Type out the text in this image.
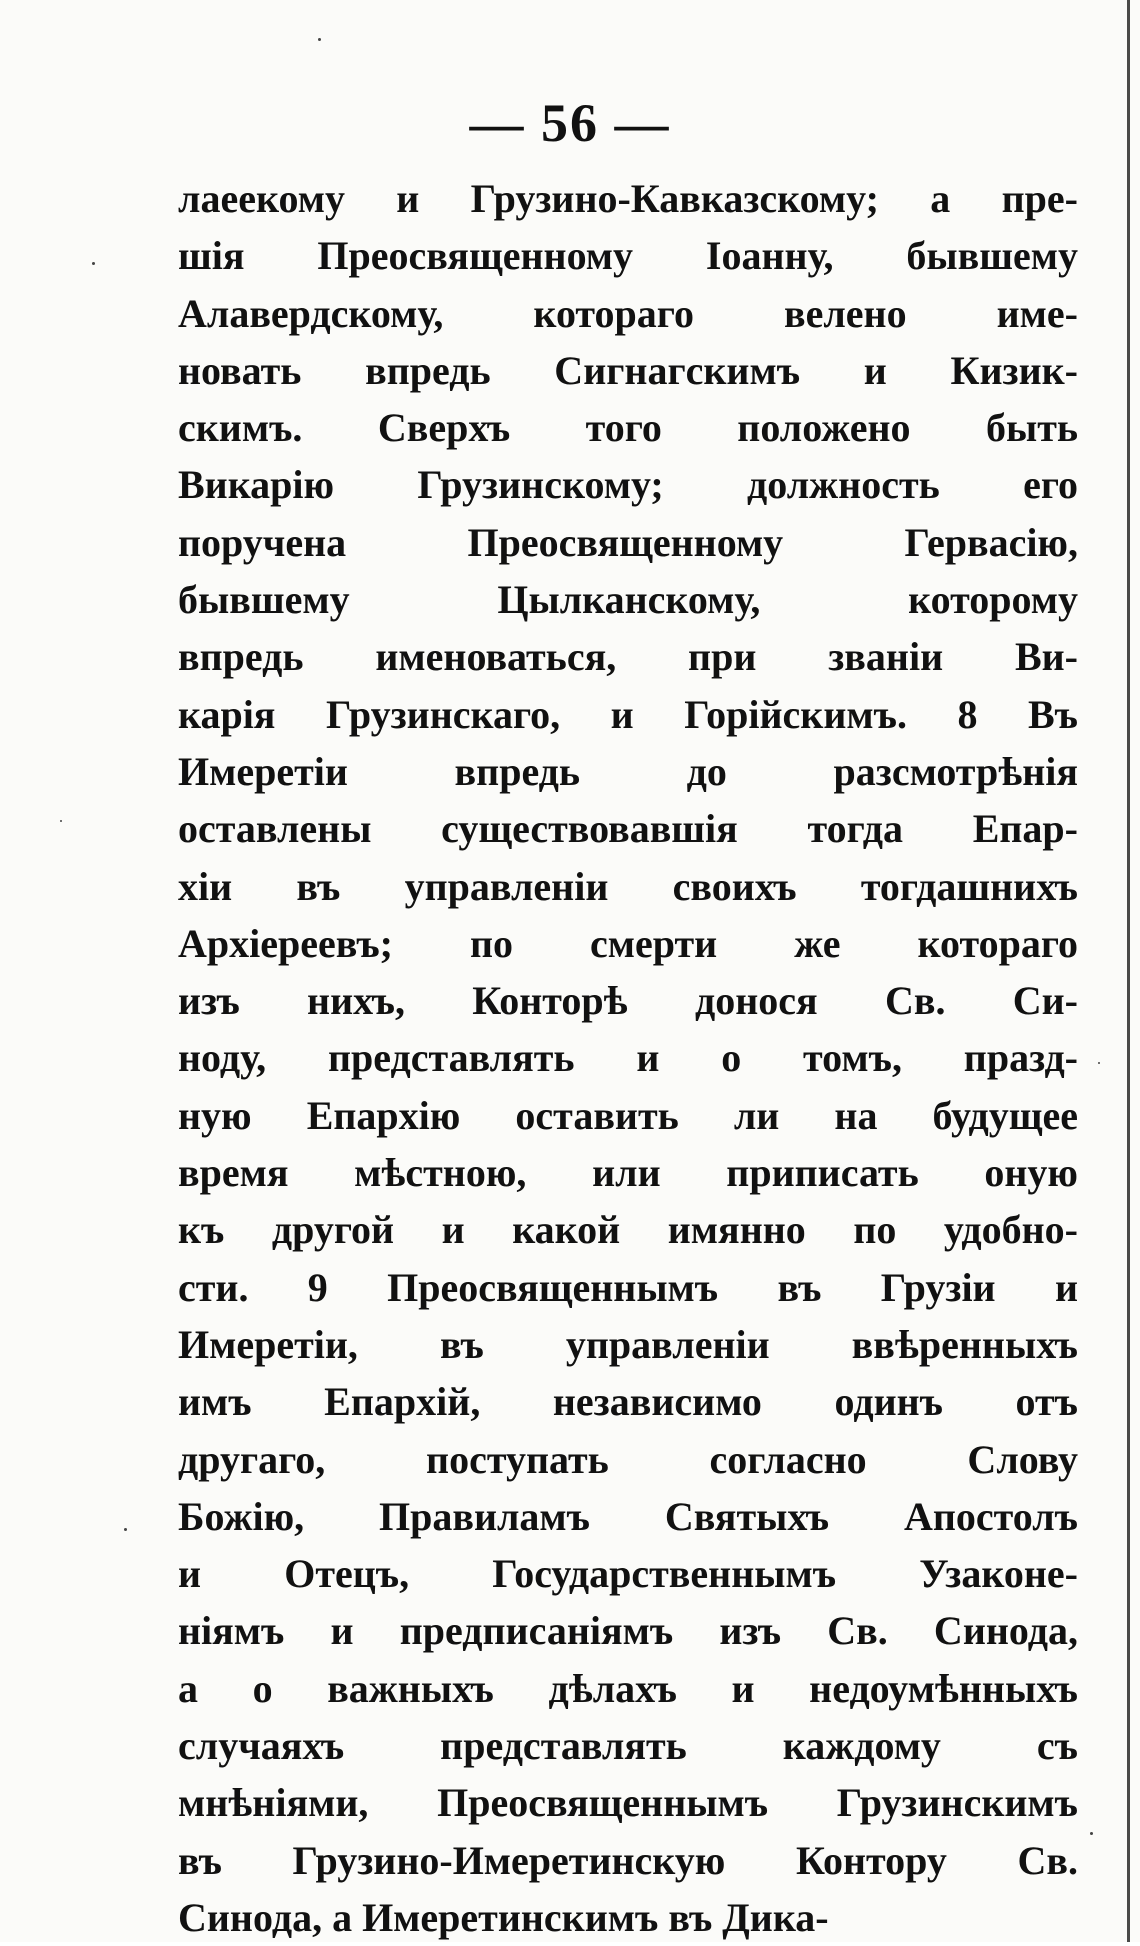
— 56 —
лаеекому и Грузино-Кавказскому; а пре-
шія Преосвященному Іоанну, бывшему
Алавердскому, котораго велено име-
новать впредь Сигнагскимъ и Кизик-
скимъ. Сверхъ того положено быть
Викарію Грузинскому; должность его
поручена Преосвященному Гервасію,
бывшему Цылканскому, которому
впредь именоваться, при званіи Ви-
карія Грузинскаго, и Горійскимъ. 8 Въ
Имеретіи впредь до разсмотрѣнія
оставлены существовавшія тогда Епар-
хіи въ управленіи своихъ тогдашнихъ
Архіереевъ; по смерти же котораго
изъ нихъ, Конторѣ донося Св. Си-
ноду, представлять и о томъ, празд-
ную Епархію оставить ли на будущее
время мѣстною, или приписать оную
къ другой и какой имянно по удобно-
сти. 9 Преосвященнымъ въ Грузіи и
Имеретіи, въ управленіи ввѣренныхъ
имъ Епархій, независимо одинъ отъ
другаго, поступать согласно Слову
Божію, Правиламъ Святыхъ Апостолъ
и Отецъ, Государственнымъ Узаконе-
ніямъ и предписаніямъ изъ Св. Синода,
а о важныхъ дѣлахъ и недоумѣнныхъ
случаяхъ представлять каждому съ
мнѣніями, Преосвященнымъ Грузинскимъ
въ Грузино-Имеретинскую Контору Св.
Синода, а Имеретинскимъ въ Дика-
